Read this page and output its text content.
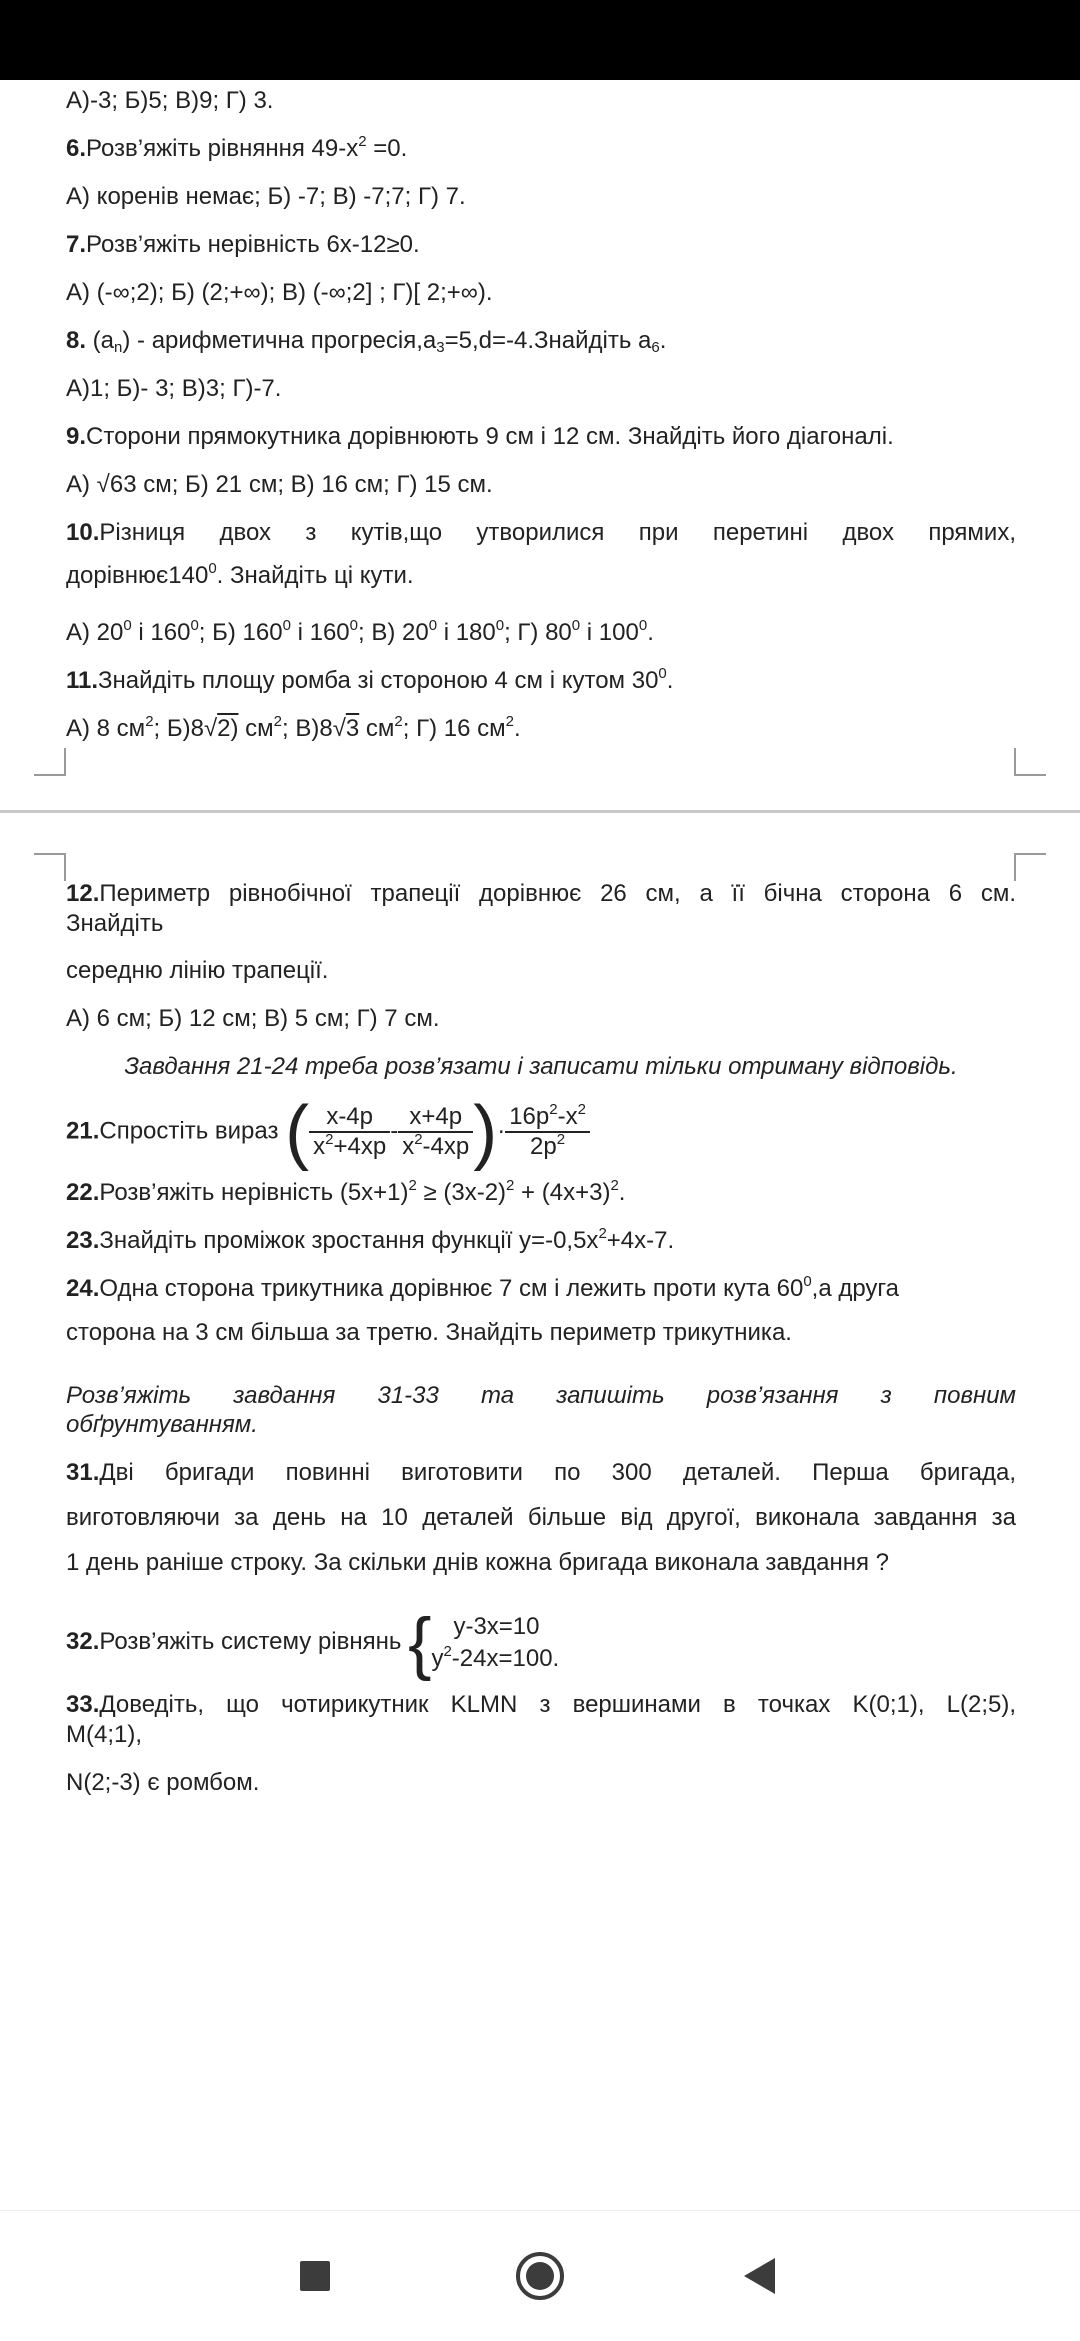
А)-3; Б)5; В)9; Г) 3.
6.Розв’яжіть рівняння $49-х^2 =0$.
А) коренів немає; Б) -7; В) -7;7; Г) 7.
7.Розв’яжіть нерівність 6х-12≥0.
А) (-∞;2); Б) (2;+∞); В) (-∞;2] ; Г)[ 2;+∞).
8. $(а_n)$ - арифметична $прогресія,а_3=5,d=-4.Знайдіть$ $а_6$.
А)1; Б)- 3; В)3; Г)-7.
9.Сторони прямокутника дорівнюють 9 см і 12 см. Знайдіть його діагоналі.
А) √63 см; Б) 21 см; В) 16 см; Г) 15 см.
10.Різниця двох з кутів,що утворилися при перетині двох прямих,
$дорівнює140^0$. Знайдіть ці кути.
А) $20^0$ і $160^0$; Б) $160^0$ і $160^0$; В) $20^0$ і $180^0$; Г) $80^0$ і $100^0$.
11.Знайдіть площу ромба зі стороною 4 см і кутом $30^0$.
А) 8 $см^2$; Б)8√2) $см^2$; В)8√3 $см^2$; Г) 16 $см^2$.
12.Периметр рівнобічної трапеції дорівнює 26 см, а її бічна сторона 6 см.
Знайдіть
середню лінію трапеції.
А) 6 см; Б) 12 см; В) 5 см; Г) 7 см.
Завдання 21-24 треба розв’язати і записати тільки отриману відповідь.
21.Спростіть вираз ( $\frac{х-4р}{х^2+4хр} - \frac{х+4р}{х^2-4хр}$ )· $\frac{16р^2-х^2}{2р^2}$
22.Розв’яжіть нерівність $(5х+1)^2 \ge (3х-2)^2 + (4х+3)^2$.
23.Знайдіть проміжок зростання функції $у=-0,5х^2+4х-7$.
24.Одна сторона трикутника дорівнює 7 см і лежить проти кута $60^0,а$ друга
сторона на 3 см більша за третю. Знайдіть периметр трикутника.
Розв’яжіть завдання 31-33 та запишіть розв’язання з повним
обґрунтуванням.
31.Дві бригади повинні виготовити по 300 деталей. Перша бригада,
виготовляючи за день на 10 деталей більше від другої, виконала завдання за
1 день раніше строку. За скільки днів кожна бригада виконала завдання ?
32.Розв’яжіть систему рівнянь { у-3х=10
$у^2-24х=100$.
33.Доведіть, що чотирикутник KLMN з вершинами в точках K(0;1), L(2;5),
M(4;1),
N(2;-3) є ромбом.
